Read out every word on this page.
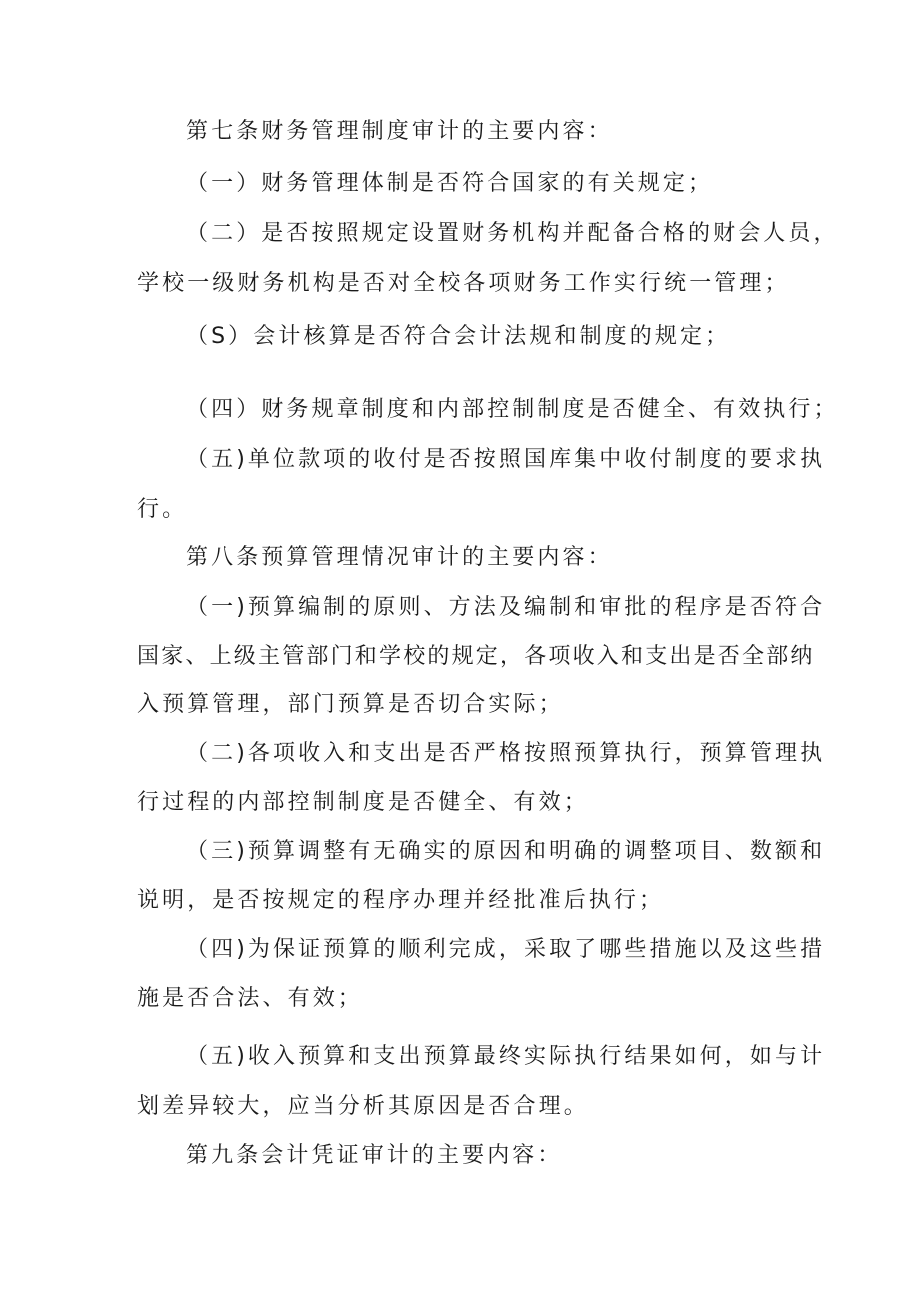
第七条财务管理制度审计的主要内容：
（一）财务管理体制是否符合国家的有关规定；
（二）是否按照规定设置财务机构并配备合格的财会人员，
学校一级财务机构是否对全校各项财务工作实行统一管理；
（S）会计核算是否符合会计法规和制度的规定；
（四）财务规章制度和内部控制制度是否健全、有效执行；
（五)单位款项的收付是否按照国库集中收付制度的要求执
行。
第八条预算管理情况审计的主要内容：
（一)预算编制的原则、方法及编制和审批的程序是否符合
国家、上级主管部门和学校的规定，各项收入和支出是否全部纳
入预算管理，部门预算是否切合实际；
（二)各项收入和支出是否严格按照预算执行，预算管理执
行过程的内部控制制度是否健全、有效；
（三)预算调整有无确实的原因和明确的调整项目、数额和
说明，是否按规定的程序办理并经批准后执行；
（四)为保证预算的顺利完成，采取了哪些措施以及这些措
施是否合法、有效；
（五)收入预算和支出预算最终实际执行结果如何，如与计
划差异较大，应当分析其原因是否合理。
第九条会计凭证审计的主要内容：
